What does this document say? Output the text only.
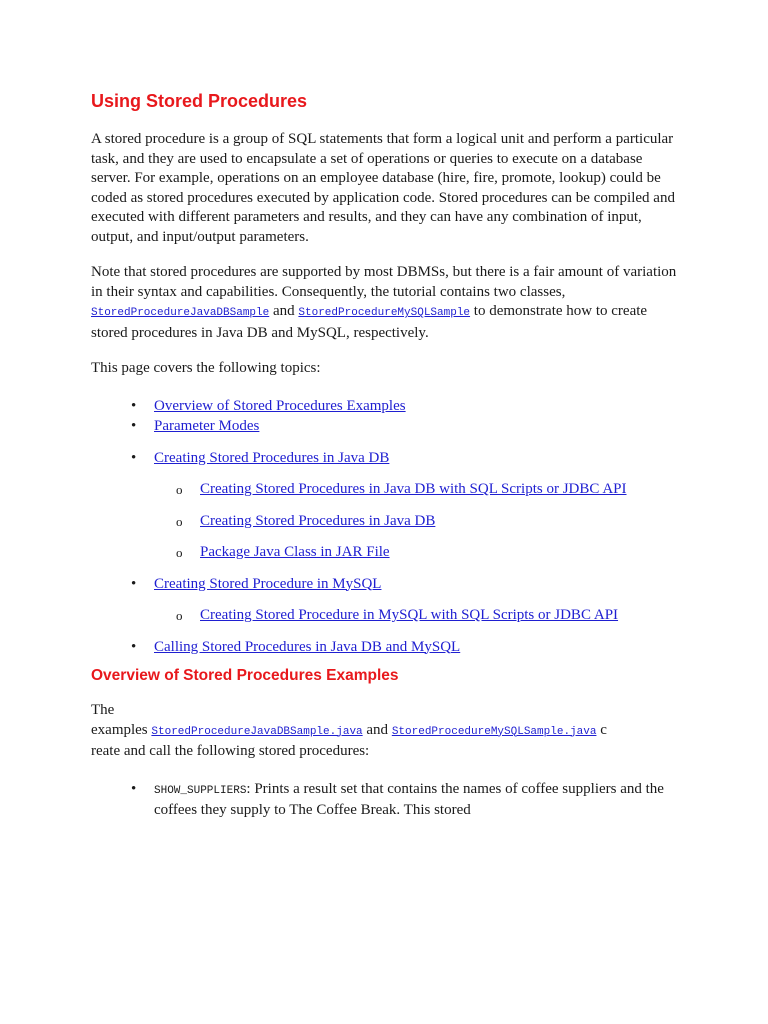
Using Stored Procedures

A stored procedure is a group of SQL statements that form a logical unit and perform a particular task, and they are used to encapsulate a set of operations or queries to execute on a database server. For example, operations on an employee database (hire, fire, promote, lookup) could be coded as stored procedures executed by application code. Stored procedures can be compiled and executed with different parameters and results, and they can have any combination of input, output, and input/output parameters.

Note that stored procedures are supported by most DBMSs, but there is a fair amount of variation in their syntax and capabilities. Consequently, the tutorial contains two classes, StoredProcedureJavaDBSample and StoredProcedureMySQLSample to demonstrate how to create stored procedures in Java DB and MySQL, respectively.

This page covers the following topics:

• Overview of Stored Procedures Examples
• Parameter Modes
• Creating Stored Procedures in Java DB
o Creating Stored Procedures in Java DB with SQL Scripts or JDBC API
o Creating Stored Procedures in Java DB
o Package Java Class in JAR File
• Creating Stored Procedure in MySQL
o Creating Stored Procedure in MySQL with SQL Scripts or JDBC API
• Calling Stored Procedures in Java DB and MySQL
Overview of Stored Procedures Examples

The
examples StoredProcedureJavaDBSample.java and StoredProcedureMySQLSample.java c
reate and call the following stored procedures:

• SHOW_SUPPLIERS: Prints a result set that contains the names of coffee suppliers and the coffees they supply to The Coffee Break. This stored
